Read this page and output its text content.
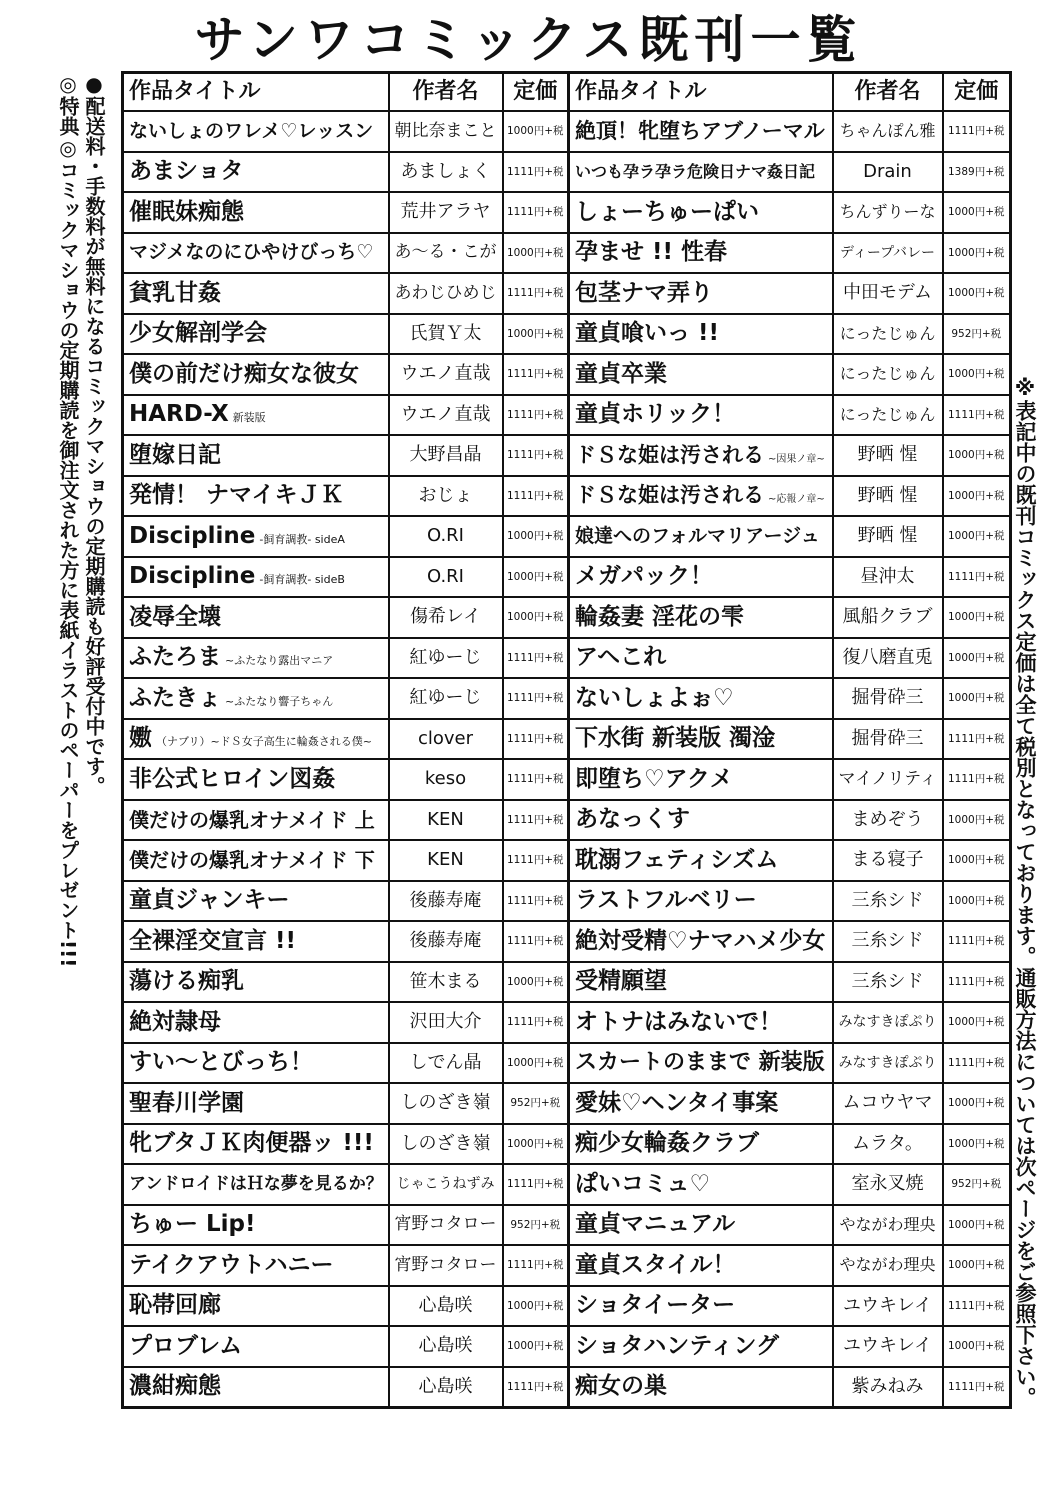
サンワコミックス既刊一覧
●配送料・手数料が無料になるコミックマショウの定期購読も好評受付中です。
◎特典◎コミックマショウの定期購読を御注文された方に表紙イラストのペーパーをプレゼント!!!	※表記中の既刊コミックス定価は全て税別となっております。通販方法については次ページをご参照下さい。
作品タイトル	作者名	定価	作品タイトル	作者名	定価
ないしょのワレメ♡レッスン	朝比奈まこと	1000円+税	絶頂！牝堕ちアブノーマル	ちゃんぽん雅	1111円+税
あまショタ	あましょく	1111円+税	いつも孕ラ孕ラ危険日ナマ姦日記	Drain	1389円+税
催眠妹痴態	荒井アラヤ	1111円+税	しょーちゅーぱい	ちんずりーな	1000円+税
マジメなのにひやけびっち♡	あ～る・こが	1000円+税	孕ませ !! 性春	ディープバレー	1000円+税
貧乳甘姦	あわじひめじ	1111円+税	包茎ナマ弄り	中田モデム	1000円+税
少女解剖学会	氏賀Ｙ太	1000円+税	童貞喰いっ !!	にったじゅん	952円+税
僕の前だけ痴女な彼女	ウエノ直哉	1111円+税	童貞卒業	にったじゅん	1000円+税
HARD-X 新装版	ウエノ直哉	1111円+税	童貞ホリック！	にったじゅん	1111円+税
堕嫁日記	大野昌晶	1111円+税	ドＳな姫は汚される ~因果ノ章~	野晒 惺	1000円+税
発情！ ナマイキＪＫ	おじょ	1111円+税	ドＳな姫は汚される ~応報ノ章~	野晒 惺	1000円+税
Discipline -飼育調教- sideA	O.RI	1000円+税	娘達へのフォルマリアージュ	野晒 惺	1000円+税
Discipline -飼育調教- sideB	O.RI	1000円+税	メガパック！	昼沖太	1111円+税
凌辱全壊	傷希レイ	1000円+税	輪姦妻 淫花の雫	風船クラブ	1000円+税
ふたろま ~ふたなり露出マニア	紅ゆーじ	1111円+税	アヘこれ	復八磨直兎	1000円+税
ふたきょ ~ふたなり響子ちゃん	紅ゆーじ	1111円+税	ないしょよぉ♡	掘骨砕三	1000円+税
嫐 （ナブリ）~ドＳ女子高生に輪姦される僕~	clover	1111円+税	下水街 新装版 濁淦	掘骨砕三	1111円+税
非公式ヒロイン図姦	keso	1111円+税	即堕ち♡アクメ	マイノリティ	1111円+税
僕だけの爆乳オナメイド 上	KEN	1111円+税	あなっくす	まめぞう	1000円+税
僕だけの爆乳オナメイド 下	KEN	1111円+税	耽溺フェティシズム	まる寝子	1000円+税
童貞ジャンキー	後藤寿庵	1111円+税	ラストフルベリー	三糸シド	1000円+税
全裸淫交宣言 !!	後藤寿庵	1111円+税	絶対受精♡ナマハメ少女	三糸シド	1111円+税
蕩ける痴乳	笹木まる	1000円+税	受精願望	三糸シド	1111円+税
絶対隷母	沢田大介	1111円+税	オトナはみないで！	みなすきぽぷり	1000円+税
すい～とびっち！	しでん晶	1000円+税	スカートのままで 新装版	みなすきぽぷり	1111円+税
聖春川学園	しのざき嶺	952円+税	愛妹♡ヘンタイ事案	ムコウヤマ	1000円+税
牝ブタＪＫ肉便器ッ !!!	しのざき嶺	1000円+税	痴少女輪姦クラブ	ムラタ。	1000円+税
アンドロイドはＨな夢を見るか？	じゃこうねずみ	1111円+税	ぱいコミュ♡	室永叉焼	952円+税
ちゅー Lip!	宵野コタロー	952円+税	童貞マニュアル	やながわ理央	1000円+税
テイクアウトハニー	宵野コタロー	1111円+税	童貞スタイル！	やながわ理央	1000円+税
恥帯回廊	心島咲	1000円+税	ショタイーター	ユウキレイ	1111円+税
プロブレム	心島咲	1000円+税	ショタハンティング	ユウキレイ	1000円+税
濃紺痴態	心島咲	1111円+税	痴女の巣	紫みねみ	1111円+税
